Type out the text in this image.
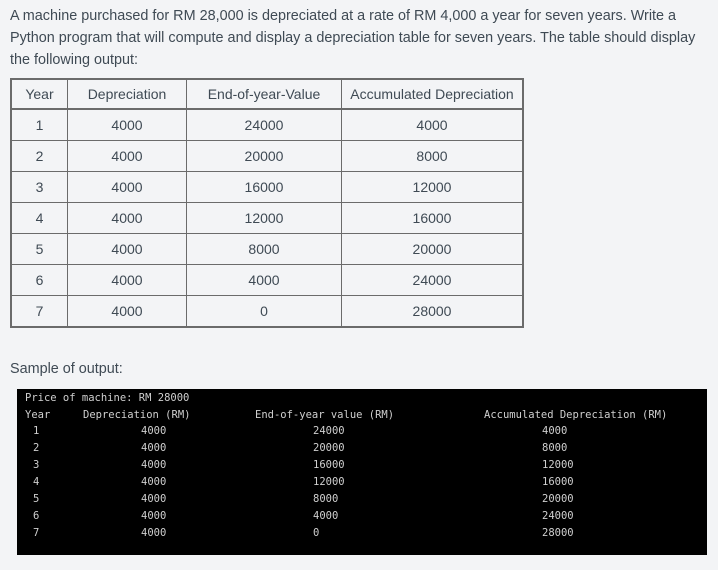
A machine purchased for RM 28,000 is depreciated at a rate of RM 4,000 a year for seven years. Write a Python program that will compute and display a depreciation table for seven years. The table should display the following output:

Year	Depreciation	End-of-year-Value	Accumulated Depreciation
1	4000	24000	4000
2	4000	20000	8000
3	4000	16000	12000
4	4000	12000	16000
5	4000	8000	20000
6	4000	4000	24000
7	4000	0	28000
Sample of output:
Price of machine: RM 28000
Year	Depreciation (RM)	End-of-year value (RM)	Accumulated Depreciation (RM)
1	4000	24000	4000
2	4000	20000	8000
3	4000	16000	12000
4	4000	12000	16000
5	4000	8000	20000
6	4000	4000	24000
7	4000	0	28000
